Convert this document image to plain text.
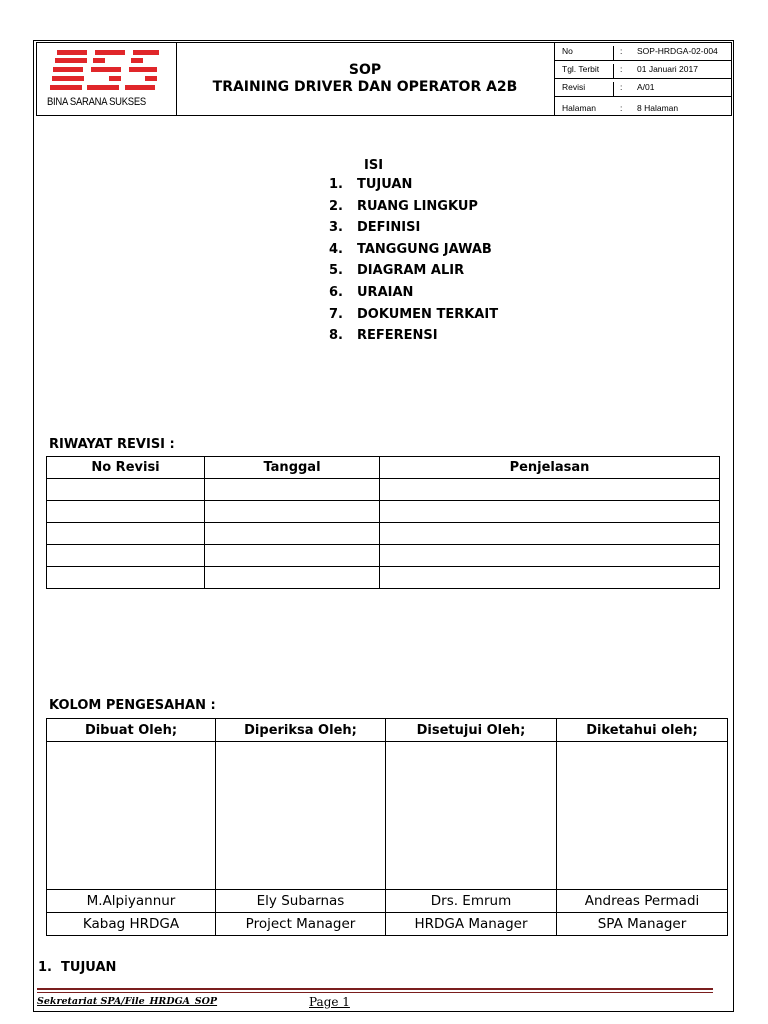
BINA SARANA SUKSES
SOP
TRAINING DRIVER DAN OPERATOR A2B
No	: SOP-HRDGA-02-004
Tgl. Terbit : 01 Januari 2017
Revisi	: A/01
Halaman	: 8 Halaman
ISI
1. TUJUAN
2. RUANG LINGKUP
3. DEFINISI
4. TANGGUNG JAWAB
5. DIAGRAM ALIR
6. URAIAN
7. DOKUMEN TERKAIT
8. REFERENSI
RIWAYAT REVISI :
No Revisi	Tanggal	Penjelasan

KOLOM PENGESAHAN :
Dibuat Oleh;	Diperiksa Oleh;	Disetujui Oleh;	Diketahui oleh;

M.Alpiyannur	Ely Subarnas	Drs. Emrum	Andreas Permadi
Kabag HRDGA	Project Manager	HRDGA Manager	SPA Manager
1.  TUJUAN
Sekretariat SPA/File_HRDGA_SOP	Page 1
